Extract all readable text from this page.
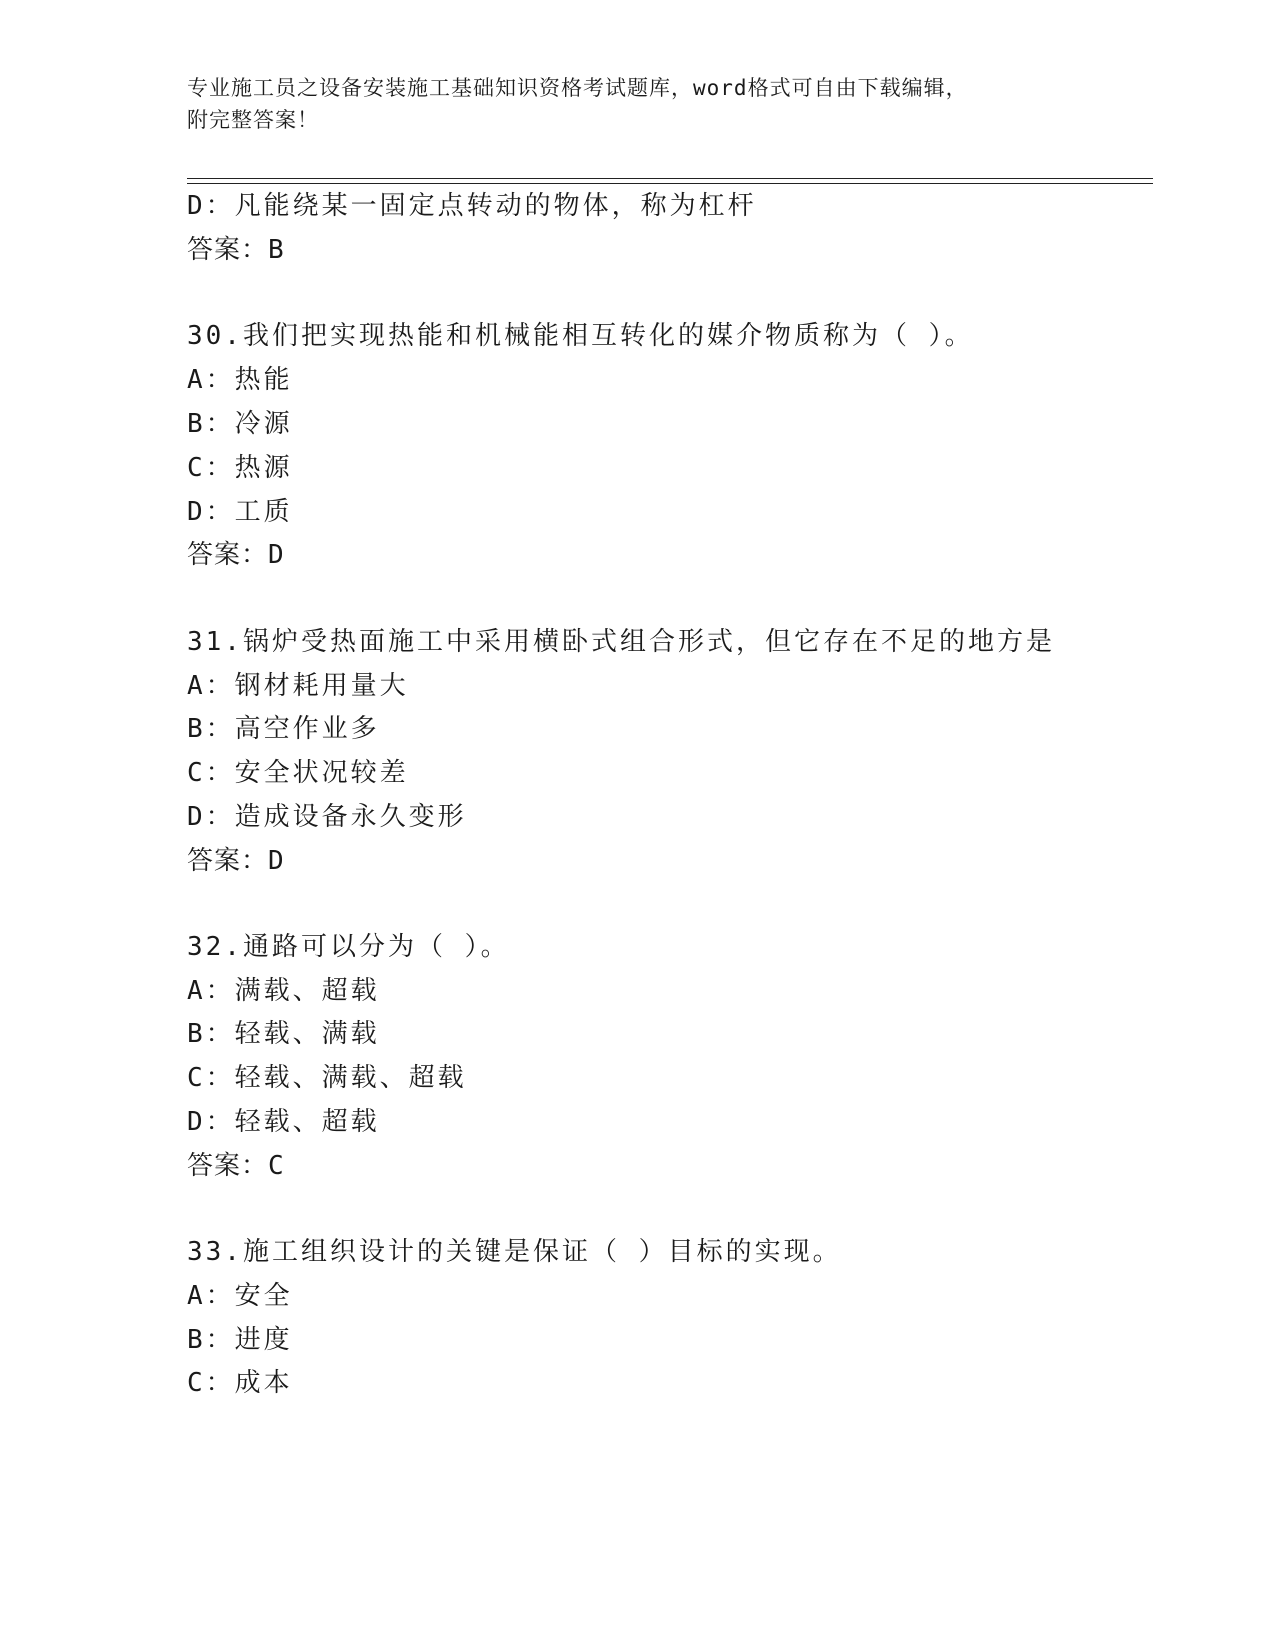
专业施工员之设备安装施工基础知识资格考试题库，word格式可自由下载编辑，
附完整答案！
D：凡能绕某一固定点转动的物体，称为杠杆
答案：B
30.我们把实现热能和机械能相互转化的媒介物质称为（ ）。
A：热能
B：冷源
C：热源
D：工质
答案：D
31.锅炉受热面施工中采用横卧式组合形式，但它存在不足的地方是
A：钢材耗用量大
B：高空作业多
C：安全状况较差
D：造成设备永久变形
答案：D
32.通路可以分为（ ）。
A：满载、超载
B：轻载、满载
C：轻载、满载、超载
D：轻载、超载
答案：C
33.施工组织设计的关键是保证（ ）目标的实现。
A：安全
B：进度
C：成本
